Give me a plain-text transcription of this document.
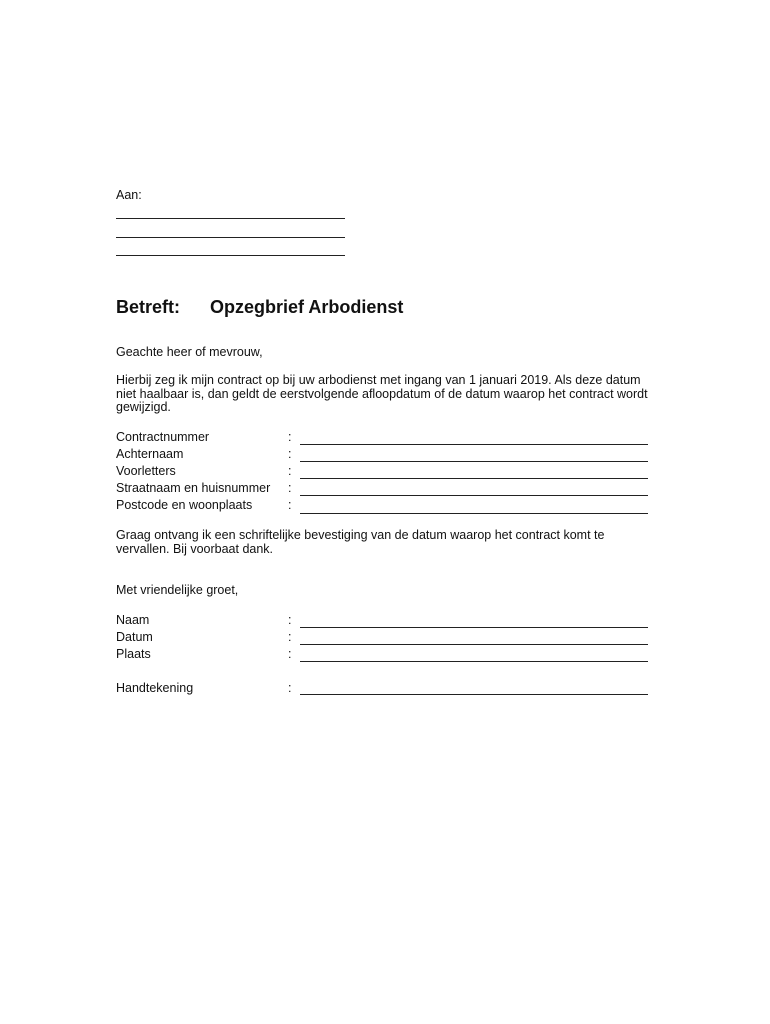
Aan:
Betreft: Opzegbrief Arbodienst
Geachte heer of mevrouw,
Hierbij zeg ik mijn contract op bij uw arbodienst met ingang van 1 januari 2019. Als deze datum niet haalbaar is, dan geldt de eerstvolgende afloopdatum of de datum waarop het contract wordt gewijzigd.
Contractnummer	:
Achternaam	:
Voorletters	:
Straatnaam en huisnummer :
Postcode en woonplaats	:
Graag ontvang ik een schriftelijke bevestiging van de datum waarop het contract komt te vervallen. Bij voorbaat dank.
Met vriendelijke groet,
Naam	:
Datum	:
Plaats	:
Handtekening	:
